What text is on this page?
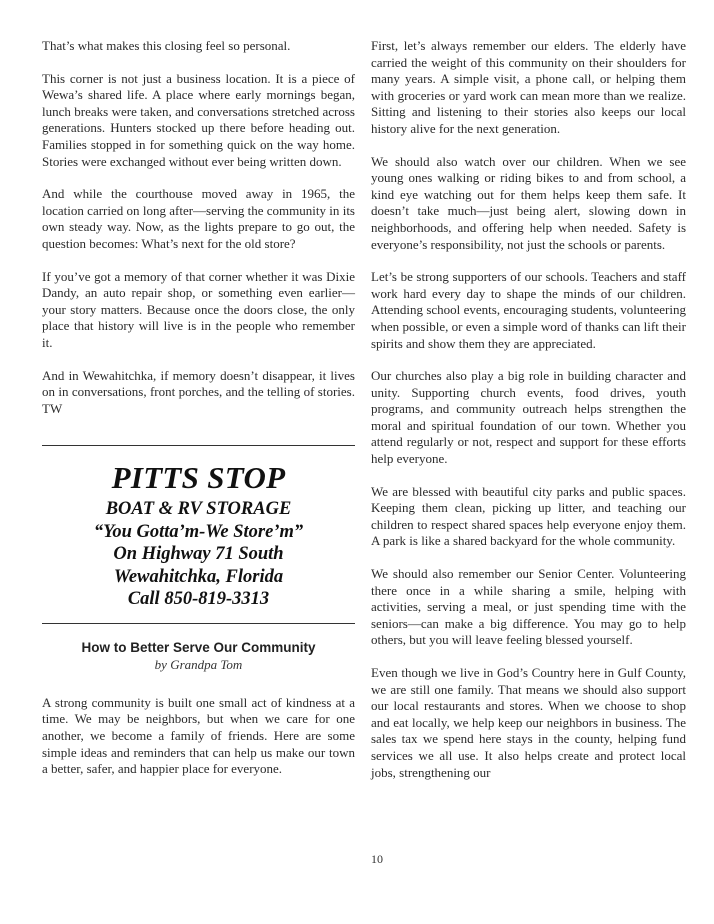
That’s what makes this closing feel so personal.

This corner is not just a business location. It is a piece of Wewa’s shared life. A place where early mornings began, lunch breaks were taken, and conversations stretched across generations. Hunters stocked up there before heading out. Families stopped in for something quick on the way home. Stories were exchanged without ever being written down.

And while the courthouse moved away in 1965, the location carried on long after—serving the community in its own steady way. Now, as the lights prepare to go out, the question becomes: What’s next for the old store?

If you’ve got a memory of that corner whether it was Dixie Dandy, an auto repair shop, or something even earlier—your story matters. Because once the doors close, the only place that history will live is in the people who remember it.

And in Wewahitchka, if memory doesn’t disappear, it lives on in conversations, front porches, and the telling of stories. TW

PITTS STOP

BOAT & RV STORAGE

“You Gotta’m-We Store’m”

On Highway 71 South

Wewahitchka, Florida

Call 850-819-3313

How to Better Serve Our Community

by Grandpa Tom

A strong community is built one small act of kindness at a time. We may be neighbors, but when we care for one another, we become a family of friends. Here are some simple ideas and reminders that can help us make our town a better, safer, and happier place for everyone.

First, let’s always remember our elders. The elderly have carried the weight of this community on their shoulders for many years. A simple visit, a phone call, or helping them with groceries or yard work can mean more than we realize. Sitting and listening to their stories also keeps our local history alive for the next generation.

We should also watch over our children. When we see young ones walking or riding bikes to and from school, a kind eye watching out for them helps keep them safe. It doesn’t take much—just being alert, slowing down in neighborhoods, and offering help when needed. Safety is everyone’s responsibility, not just the schools or parents.

Let’s be strong supporters of our schools. Teachers and staff work hard every day to shape the minds of our children. Attending school events, encouraging students, volunteering when possible, or even a simple word of thanks can lift their spirits and show them they are appreciated.

Our churches also play a big role in building character and unity. Supporting church events, food drives, youth programs, and community outreach helps strengthen the moral and spiritual foundation of our town. Whether you attend regularly or not, respect and support for these efforts help everyone.

We are blessed with beautiful city parks and public spaces. Keeping them clean, picking up litter, and teaching our children to respect shared spaces help everyone enjoy them. A park is like a shared backyard for the whole community.

We should also remember our Senior Center. Volunteering there once in a while sharing a smile, helping with activities, serving a meal, or just spending time with the seniors—can make a big difference. You may go to help others, but you will leave feeling blessed yourself.

Even though we live in God’s Country here in Gulf County, we are still one family. That means we should also support our local restaurants and stores. When we choose to shop and eat locally, we help keep our neighbors in business. The sales tax we spend here stays in the county, helping fund services we all use. It also helps create and protect local jobs, strengthening our

10
